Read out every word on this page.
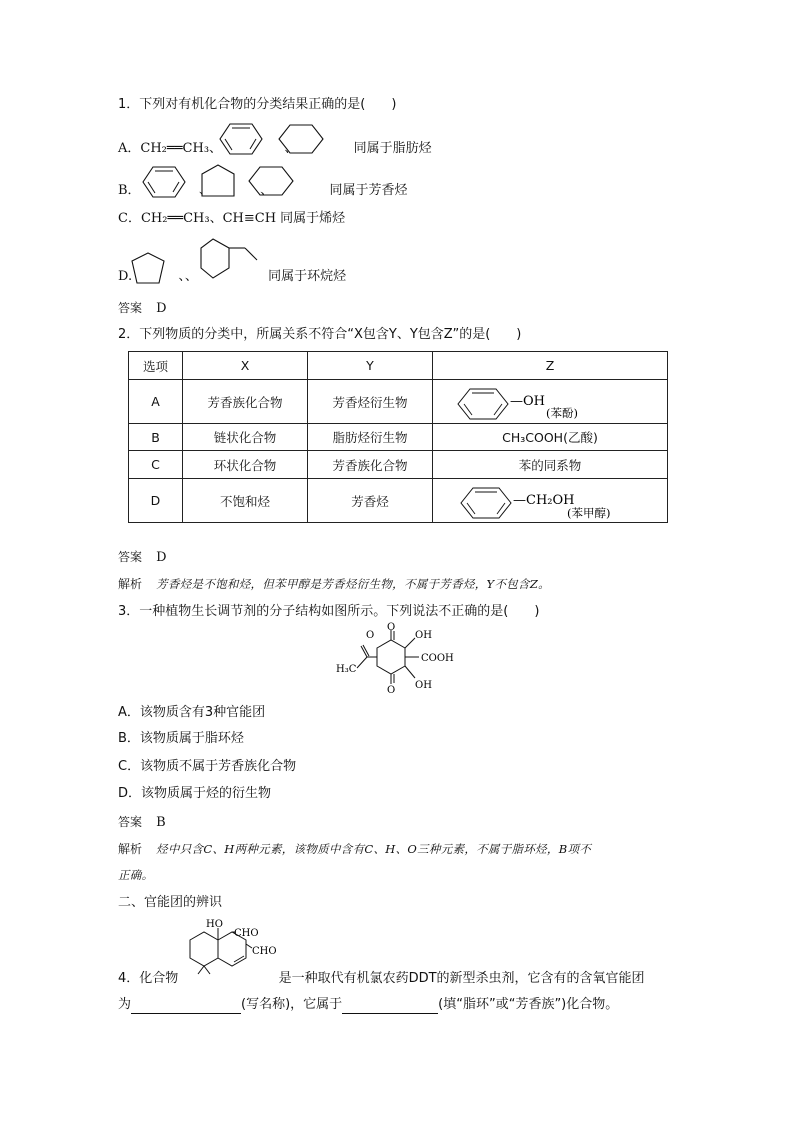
1．下列对有机化合物的分类结果正确的是(　　)
A．CH₂══CH₃、	、	同属于脂肪烃
B．	、	、	同属于芳香烃
C．CH₂══CH₃、CH≡CH 同属于烯烃
D.	、、	同属于环烷烃
答案 D
2．下列物质的分类中，所属关系不符合“X包含Y、Y包含Z”的是(　　)
选项	X	Y	Z
A	芳香族化合物	芳香烃衍生物	—OH
(苯酚)

B	链状化合物	脂肪烃衍生物	CH₃COOH(乙酸)
C	环状化合物	芳香族化合物	苯的同系物
D	不饱和烃	芳香烃	—CH₂OH
(苯甲醇)
答案 D
解析 芳香烃是不饱和烃，但苯甲醇是芳香烃衍生物，不属于芳香烃，Y不包含Z。
3．一种植物生长调节剂的分子结构如图所示。下列说法不正确的是(　　)
O
O
OH
COOH
OH
O
H₃C
A．该物质含有3种官能团
B．该物质属于脂环烃
C．该物质不属于芳香族化合物
D．该物质属于烃的衍生物
答案 B
解析 烃中只含C、H两种元素，该物质中含有C、H、O三种元素，不属于脂环烃，B项不
正确。
二、官能团的辨识
HO
CHO
CHO
4．化合物	是一种取代有机氯农药DDT的新型杀虫剂，它含有的含氧官能团
为	(写名称)，它属于	(填“脂环”或“芳香族”)化合物。
